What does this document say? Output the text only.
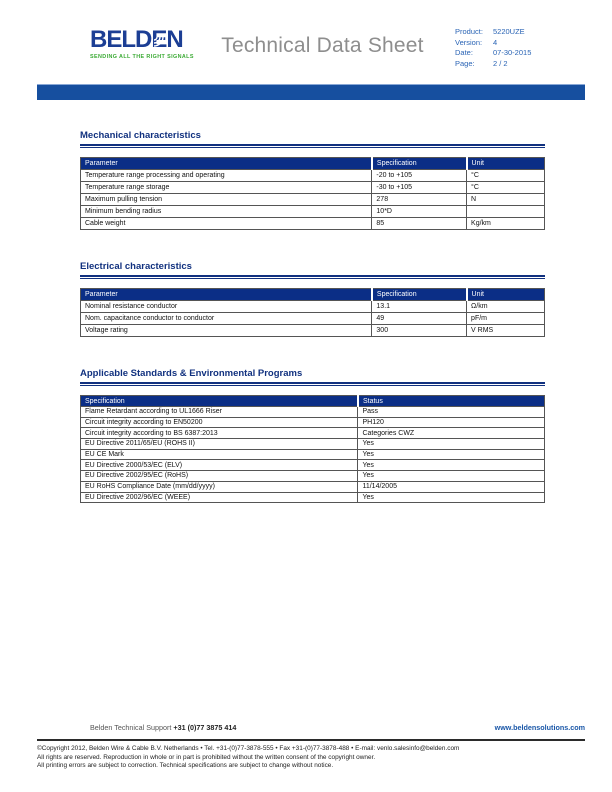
BELDEN
SENDING ALL THE RIGHT SIGNALS	Technical Data Sheet
Product:	5220UZE
Version:	4
Date:	07-30-2015
Page:	2 / 2
Mechanical characteristics
Parameter	Specification	Unit
Temperature range processing and operating	-20 to +105	°C
Temperature range storage	-30 to +105	°C
Maximum pulling tension	278	N
Minimum bending radius	10*D	
Cable weight	85	Kg/km
Electrical characteristics
Parameter	Specification	Unit
Nominal resistance conductor	13.1	Ω/km
Nom. capacitance conductor to conductor	49	pF/m
Voltage rating	300	V RMS
Applicable Standards & Environmental Programs
Specification	Status
Flame Retardant according to UL1666 Riser	Pass
Circuit integrity according to EN50200	PH120
Circuit integrity according to BS 6387:2013	Categories CWZ
EU Directive 2011/65/EU (ROHS II)	Yes
EU CE Mark	Yes
EU Directive 2000/53/EC (ELV)	Yes
EU Directive 2002/95/EC (RoHS)	Yes
EU RoHS Compliance Date (mm/dd/yyyy)	11/14/2005
EU Directive 2002/96/EC (WEEE)	Yes
Belden Technical Support +31 (0)77 3875 414	www.beldensolutions.com
©Copyright 2012, Belden Wire & Cable B.V. Netherlands • Tel. +31-(0)77-3878-555 • Fax +31-(0)77-3878-488 • E-mail: venlo.salesinfo@belden.com
All rights are reserved. Reproduction in whole or in part is prohibited without the written consent of the copyright owner.
All printing errors are subject to correction. Technical specifications are subject to change without notice.
